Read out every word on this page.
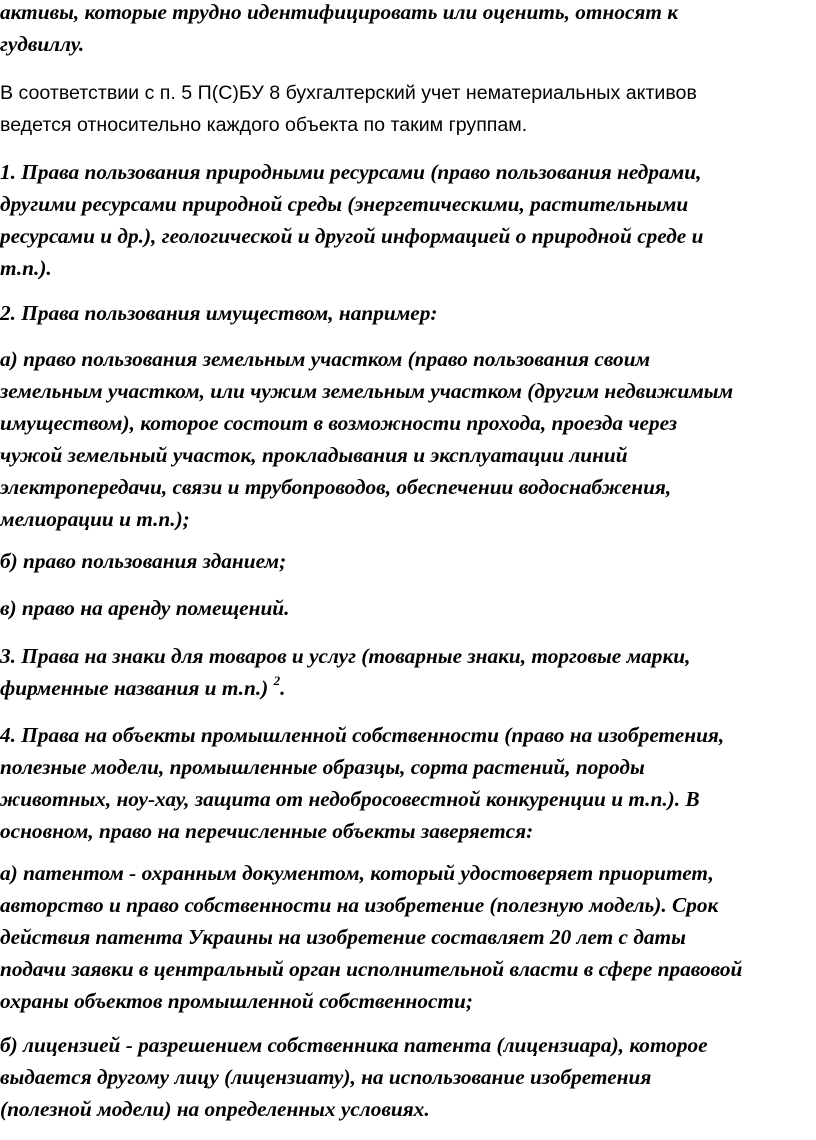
активы, которые трудно идентифицировать или оценить, относят к
гудвиллу.

В соответствии с п. 5 П(С)БУ 8 бухгалтерский учет нематериальных активов
ведется относительно каждого объекта по таким группам.

1. Права пользования природными ресурсами (право пользования недрами,
другими ресурсами природной среды (энергетическими, растительными
ресурсами и др.), геологической и другой информацией о природной среде и
т.п.).

2. Права пользования имуществом, например:

а) право пользования земельным участком (право пользования своим
земельным участком, или чужим земельным участком (другим недвижимым
имуществом), которое состоит в возможности прохода, проезда через
чужой земельный участок, прокладывания и эксплуатации линий
электропередачи, связи и трубопроводов, обеспечении водоснабжения,
мелиорации и т.п.);

б) право пользования зданием;

в) право на аренду помещений.

3. Права на знаки для товаров и услуг (товарные знаки, торговые марки,
фирменные названия и т.п.) $^2$.

4. Права на объекты промышленной собственности (право на изобретения,
полезные модели, промышленные образцы, сорта растений, породы
животных, ноу-хау, защита от недобросовестной конкуренции и т.п.). В
основном, право на перечисленные объекты заверяется:

а) патентом - охранным документом, который удостоверяет приоритет,
авторство и право собственности на изобретение (полезную модель). Срок
действия патента Украины на изобретение составляет 20 лет с даты
подачи заявки в центральный орган исполнительной власти в сфере правовой
охраны объектов промышленной собственности;

б) лицензией - разрешением собственника патента (лицензиара), которое
выдается другому лицу (лицензиату), на использование изобретения
(полезной модели) на определенных условиях.
